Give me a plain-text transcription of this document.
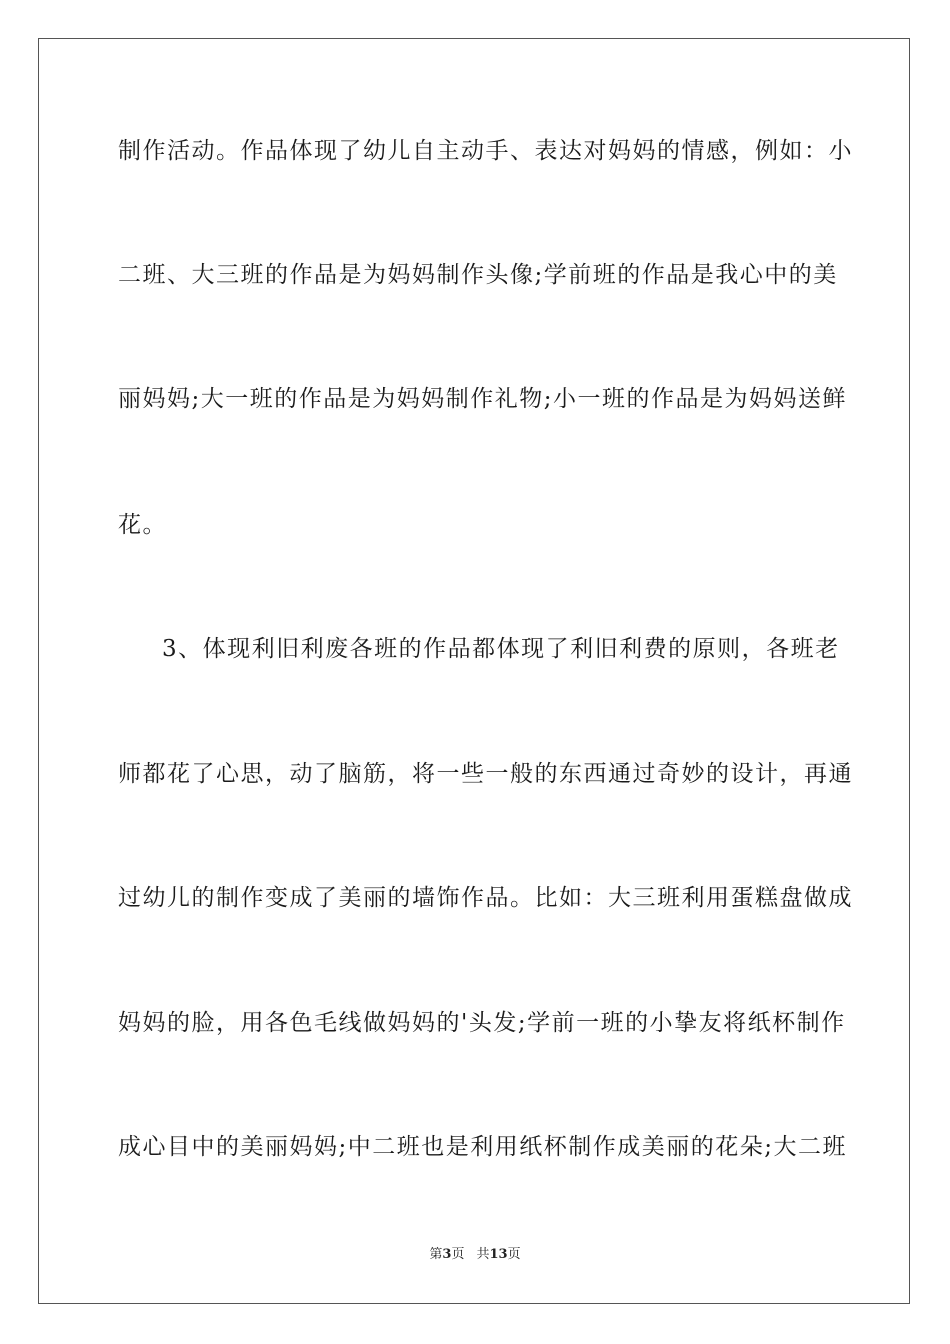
制作活动。作品体现了幼儿自主动手、表达对妈妈的情感，例如：小
二班、大三班的作品是为妈妈制作头像;学前班的作品是我心中的美
丽妈妈;大一班的作品是为妈妈制作礼物;小一班的作品是为妈妈送鲜
花。
3、体现利旧利废各班的作品都体现了利旧利费的原则，各班老
师都花了心思，动了脑筋，将一些一般的东西通过奇妙的设计，再通
过幼儿的制作变成了美丽的墙饰作品。比如：大三班利用蛋糕盘做成
妈妈的脸，用各色毛线做妈妈的'头发;学前一班的小挚友将纸杯制作
成心目中的美丽妈妈;中二班也是利用纸杯制作成美丽的花朵;大二班
第3页 共13页
